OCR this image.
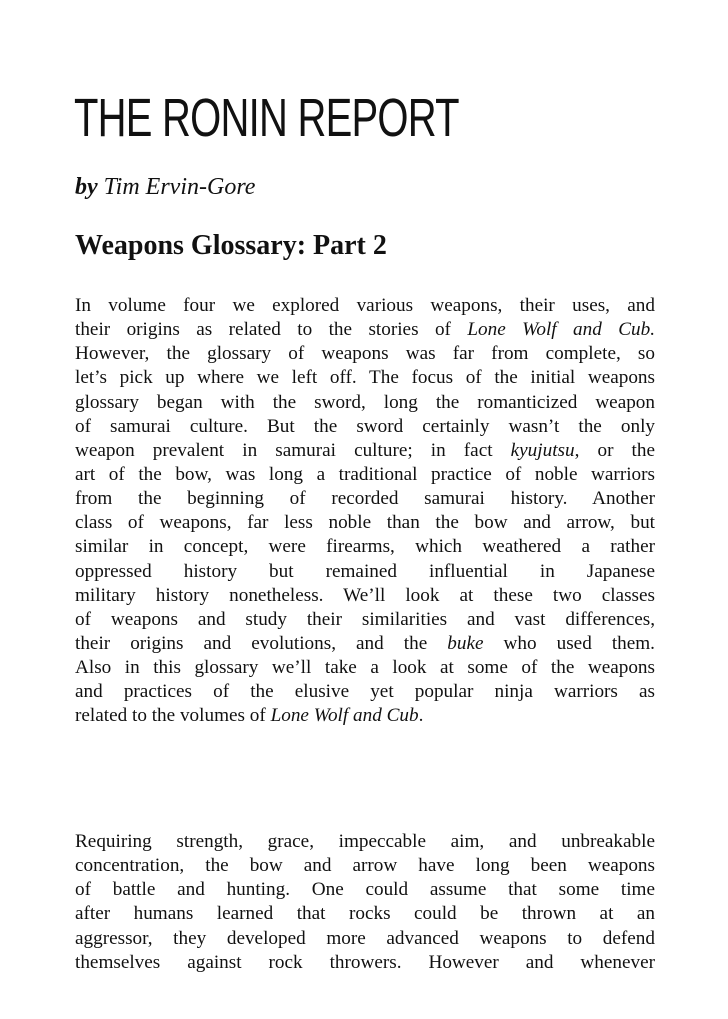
THE RONIN REPORT

by Tim Ervin-Gore

Weapons Glossary: Part 2
In volume four we explored various weapons, their uses, and
their origins as related to the stories of Lone Wolf and Cub.
However, the glossary of weapons was far from complete, so
let’s pick up where we left off. The focus of the initial weapons
glossary began with the sword, long the romanticized weapon
of samurai culture. But the sword certainly wasn’t the only
weapon prevalent in samurai culture; in fact kyujutsu, or the
art of the bow, was long a traditional practice of noble warriors
from the beginning of recorded samurai history. Another
class of weapons, far less noble than the bow and arrow, but
similar in concept, were firearms, which weathered a rather
oppressed history but remained influential in Japanese
military history nonetheless. We’ll look at these two classes
of weapons and study their similarities and vast differences,
their origins and evolutions, and the buke who used them.
Also in this glossary we’ll take a look at some of the weapons
and practices of the elusive yet popular ninja warriors as
related to the volumes of Lone Wolf and Cub.
Requiring strength, grace, impeccable aim, and unbreakable
concentration, the bow and arrow have long been weapons
of battle and hunting. One could assume that some time
after humans learned that rocks could be thrown at an
aggressor, they developed more advanced weapons to defend
themselves against rock throwers. However and whenever
